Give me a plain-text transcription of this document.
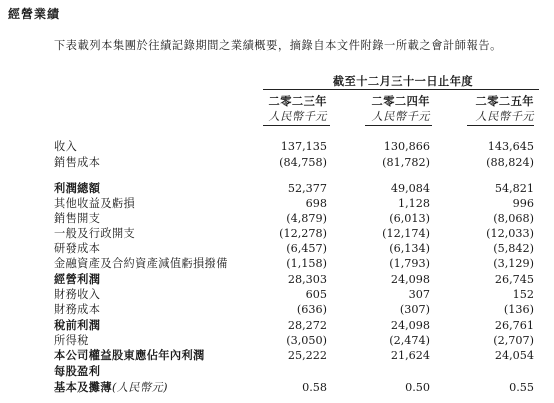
經營業績
下表載列本集團於往績記錄期間之業績概要，摘錄自本文件附錄一所載之會計師報告。
截至十二月三十一日止年度
二零二三年	二零二四年	二零二五年
人民幣千元	人民幣千元	人民幣千元
收入	137,135	130,866	143,645
銷售成本	(84,758)	(81,782)	(88,824)
利潤總額	52,377	49,084	54,821
其他收益及虧損	698	1,128	996
銷售開支	(4,879)	(6,013)	(8,068)
一般及行政開支	(12,278)	(12,174)	(12,033)
研發成本	(6,457)	(6,134)	(5,842)
金融資產及合約資產減值虧損撥備	(1,158)	(1,793)	(3,129)
經營利潤	28,303	24,098	26,745
財務收入	605	307	152
財務成本	(636)	(307)	(136)
稅前利潤	28,272	24,098	26,761
所得稅	(3,050)	(2,474)	(2,707)
本公司權益股東應佔年內利潤	25,222	21,624	24,054
每股盈利
基本及攤薄(人民幣元)	0.58	0.50	0.55
